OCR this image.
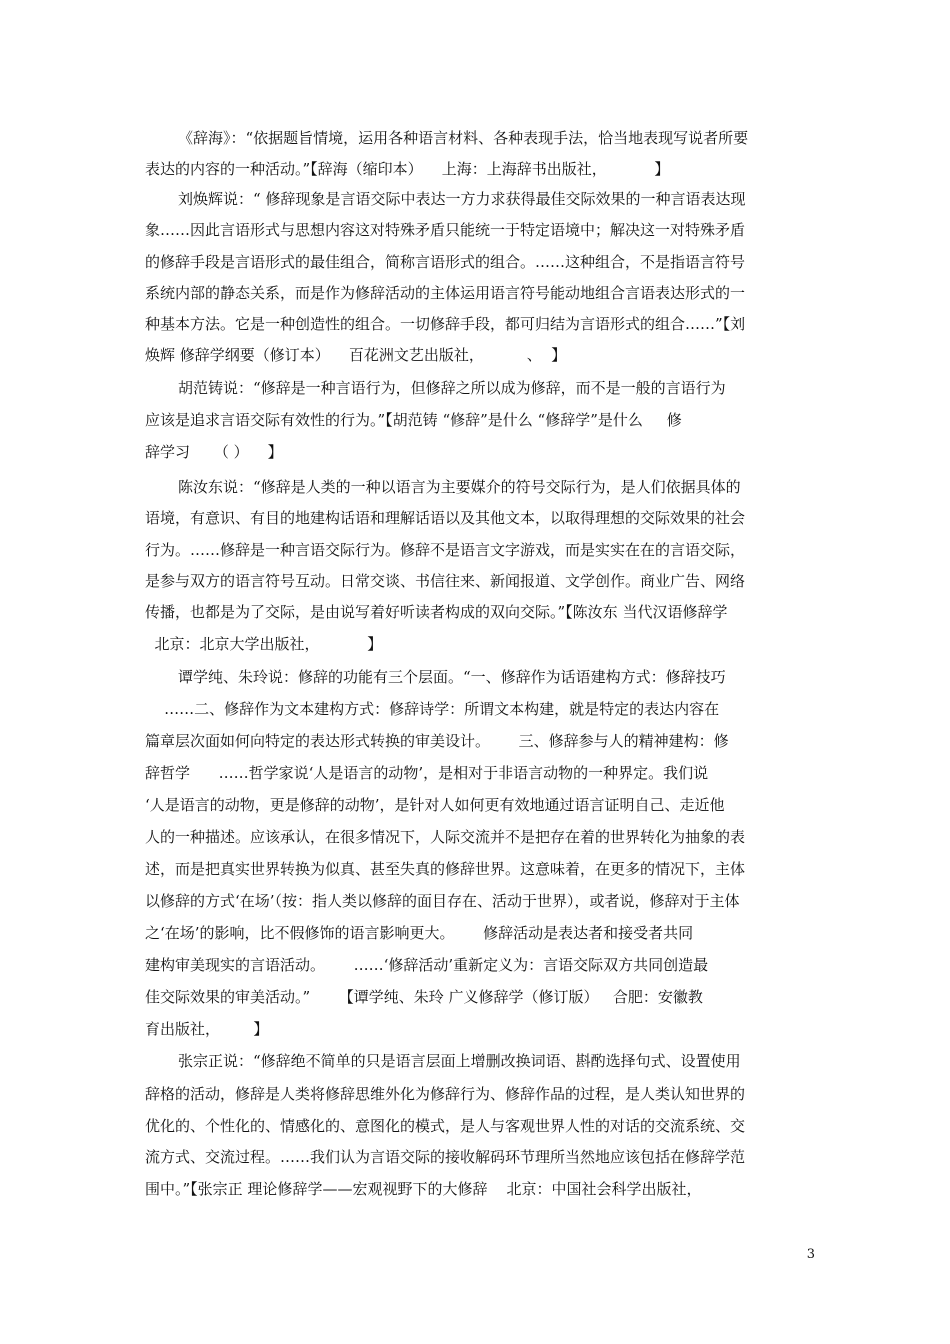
《辞海》：“依据题旨情境，运用各种语言材料、各种表现手法，恰当地表现写说者所要
表达的内容的一种活动。”【辞海（缩印本）    上海：上海辞书出版社，          】
刘焕辉说：“ 修辞现象是言语交际中表达一方力求获得最佳交际效果的一种言语表达现
象……因此言语形式与思想内容这对特殊矛盾只能统一于特定语境中；解决这一对特殊矛盾
的修辞手段是言语形式的最佳组合，简称言语形式的组合。……这种组合，不是指语言符号
系统内部的静态关系，而是作为修辞活动的主体运用语言符号能动地组合言语表达形式的一
种基本方法。它是一种创造性的组合。一切修辞手段，都可归结为言语形式的组合……”【刘
焕辉 修辞学纲要（修订本）    百花洲文艺出版社，         、  】
胡范铸说：“修辞是一种言语行为，但修辞之所以成为修辞，而不是一般的言语行为
应该是追求言语交际有效性的行为。”【胡范铸 “修辞”是什么 “修辞学”是什么     修
辞学习     （ ）    】
陈汝东说：“修辞是人类的一种以语言为主要媒介的符号交际行为，是人们依据具体的
语境，有意识、有目的地建构话语和理解话语以及其他文本，以取得理想的交际效果的社会
行为。……修辞是一种言语交际行为。修辞不是语言文字游戏，而是实实在在的言语交际，
是参与双方的语言符号互动。日常交谈、书信往来、新闻报道、文学创作。商业广告、网络
传播，也都是为了交际，是由说写着好听读者构成的双向交际。”【陈汝东 当代汉语修辞学
北京：北京大学出版社，          】
谭学纯、朱玲说：修辞的功能有三个层面。“一、修辞作为话语建构方式：修辞技巧
……二、修辞作为文本建构方式：修辞诗学：所谓文本构建，就是特定的表达内容在
篇章层次面如何向特定的表达形式转换的审美设计。      三、修辞参与人的精神建构：修
辞哲学      ……哲学家说‘人是语言的动物’，是相对于非语言动物的一种界定。我们说
‘人是语言的动物，更是修辞的动物’，是针对人如何更有效地通过语言证明自己、走近他
人的一种描述。应该承认，在很多情况下，人际交流并不是把存在着的世界转化为抽象的表
述，而是把真实世界转换为似真、甚至失真的修辞世界。这意味着，在更多的情况下，主体
以修辞的方式‘在场’（按：指人类以修辞的面目存在、活动于世界），或者说，修辞对于主体
之‘在场’的影响，比不假修饰的语言影响更大。      修辞活动是表达者和接受者共同
建构审美现实的言语活动。      ……‘修辞活动’重新定义为：言语交际双方共同创造最
佳交际效果的审美活动。”      【谭学纯、朱玲 广义修辞学（修订版）   合肥：安徽教
育出版社，       】
张宗正说：“修辞绝不简单的只是语言层面上增删改换词语、斟酌选择句式、设置使用
辞格的活动，修辞是人类将修辞思维外化为修辞行为、修辞作品的过程，是人类认知世界的
优化的、个性化的、情感化的、意图化的模式，是人与客观世界人性的对话的交流系统、交
流方式、交流过程。……我们认为言语交际的接收解码环节理所当然地应该包括在修辞学范
围中。”【张宗正 理论修辞学——宏观视野下的大修辞    北京：中国社会科学出版社，
3
